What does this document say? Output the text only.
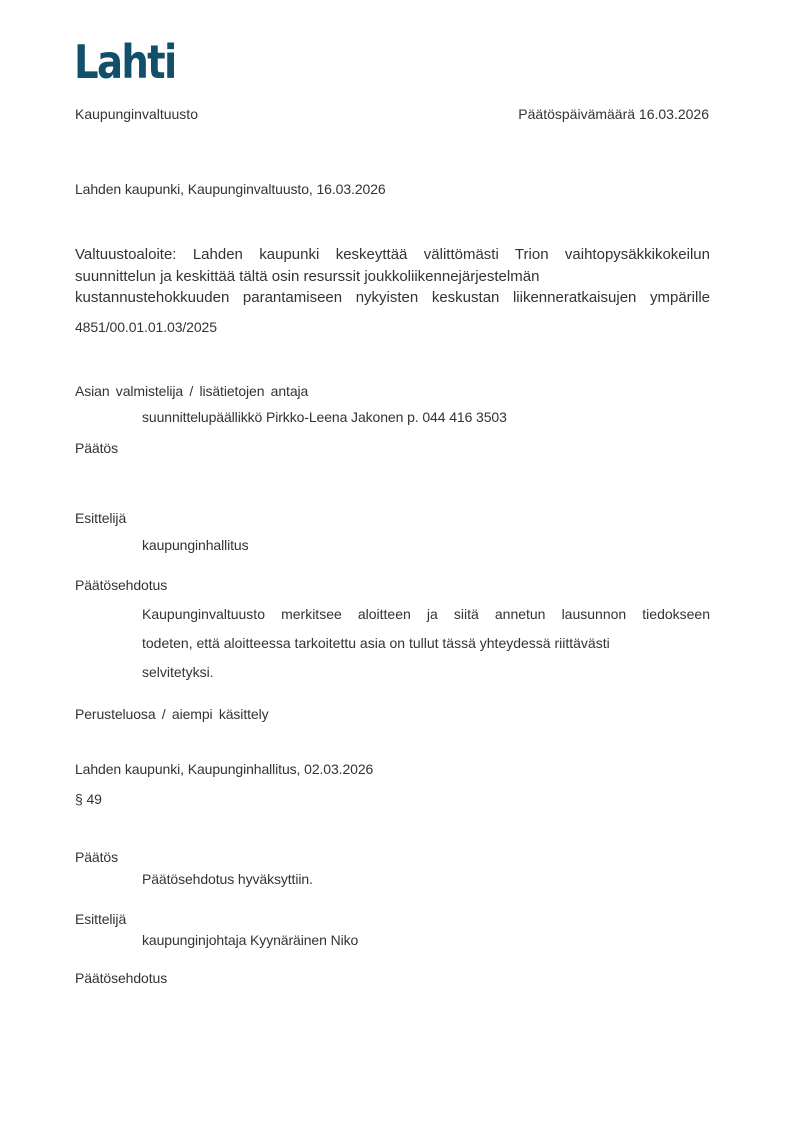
Lahti
Kaupunginvaltuusto	Päätöspäivämäärä 16.03.2026
Lahden kaupunki, Kaupunginvaltuusto, 16.03.2026
Valtuustoaloite: Lahden kaupunki keskeyttää välittömästi Trion vaihtopysäkkikokeilun
suunnittelun ja keskittää tältä osin resurssit joukkoliikennejärjestelmän
kustannustehokkuuden parantamiseen nykyisten keskustan liikenneratkaisujen ympärille
4851/00.01.01.03/2025
Asian valmistelija / lisätietojen antaja
suunnittelupäällikkö Pirkko-Leena Jakonen p. 044 416 3503
Päätös
Esittelijä
kaupunginhallitus
Päätösehdotus
Kaupunginvaltuusto merkitsee aloitteen ja siitä annetun lausunnon tiedokseen
todeten, että aloitteessa tarkoitettu asia on tullut tässä yhteydessä riittävästi
selvitetyksi.
Perusteluosa / aiempi käsittely
Lahden kaupunki, Kaupunginhallitus, 02.03.2026
§ 49
Päätös
Päätösehdotus hyväksyttiin.
Esittelijä
kaupunginjohtaja Kyynäräinen Niko
Päätösehdotus
